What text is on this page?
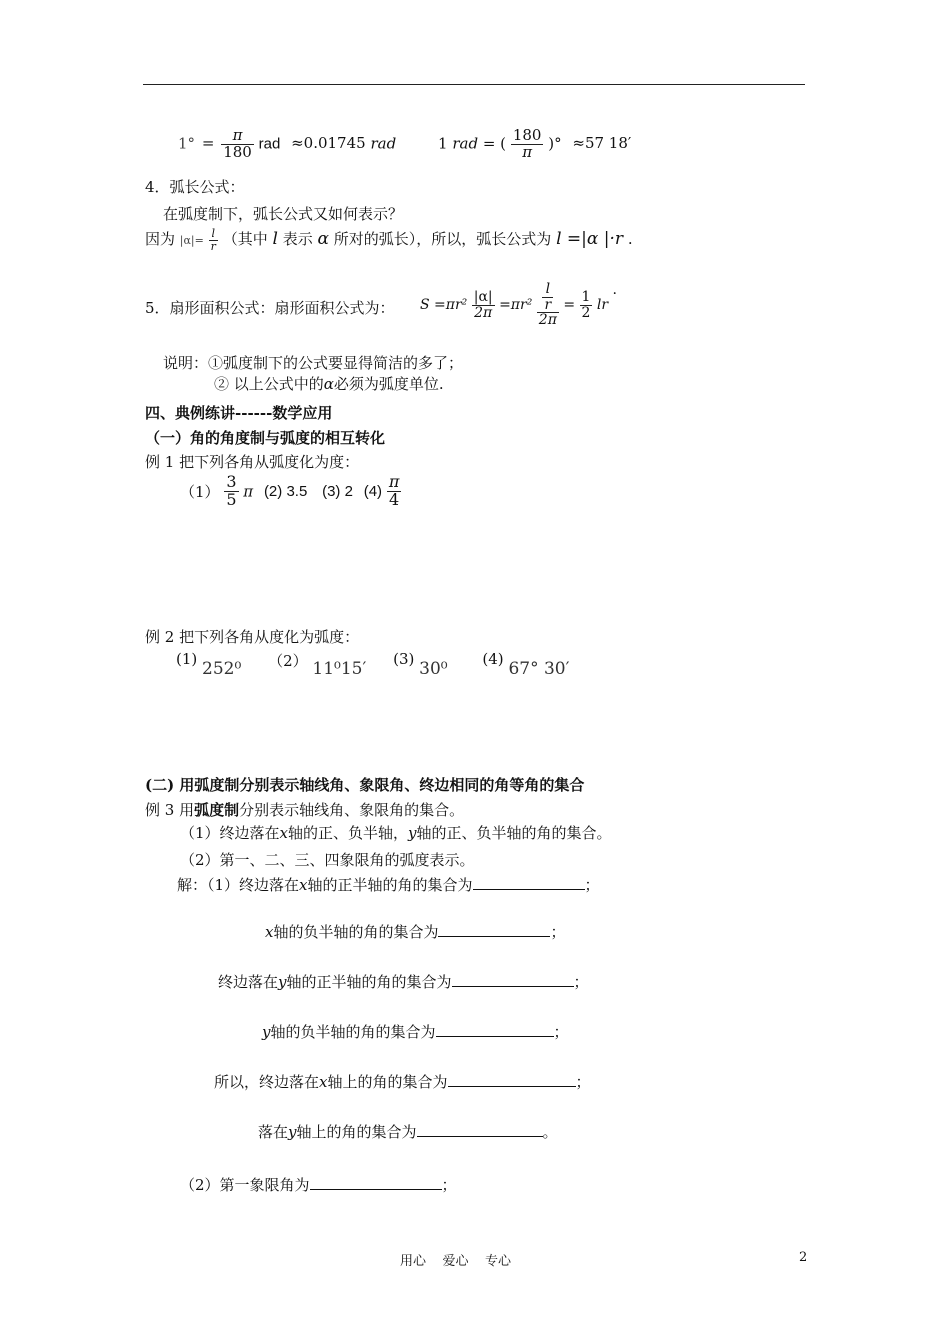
$1^\circ = \frac{\pi}{180}$ rad ≈0.01745 rad	1 rad = ( $\frac{180}{\pi}$ )° ≈57 18′
4．弧长公式：
在弧度制下，弧长公式又如何表示？
因为 $|\alpha|= \frac{l}{r}$ （其中 l 表示 α 所对的弧长），所以，弧长公式为 l =|α |·r .
5．扇形面积公式：扇形面积公式为： $S =\pi r^2 \frac{|\alpha|}{2\pi} =\pi r^2 \frac{\frac{l}{r}}{2\pi} = \frac{1}{2}$ lr .
说明：①弧度制下的公式要显得简洁的多了；
② 以上公式中的α必须为弧度单位.
四、典例练讲------数学应用
（一）角的角度制与弧度的相互转化
例 1 把下列各角从弧度化为度：
$(1) \frac{3}{5}$ π (2) 3.5 (3) 2 $(4) \frac{\pi}{4}$
例 2 把下列各角从度化为弧度：
(1) 252⁰ （2） 11⁰15′ (3) 30⁰ (4) 67° 30′
(二) 用弧度制分别表示轴线角、象限角、终边相同的角等角的集合
例 3 用弧度制分别表示轴线角、象限角的集合。
（1）终边落在x轴的正、负半轴，y轴的正、负半轴的角的集合。
（2）第一、二、三、四象限角的弧度表示。
解：（1）终边落在x轴的正半轴的角的集合为	；
x轴的负半轴的角的集合为	；
终边落在y轴的正半轴的角的集合为	；
y轴的负半轴的角的集合为	；
所以，终边落在x轴上的角的集合为	；
落在y轴上的角的集合为	。
（2）第一象限角为	；
用心    爱心    专心	2
